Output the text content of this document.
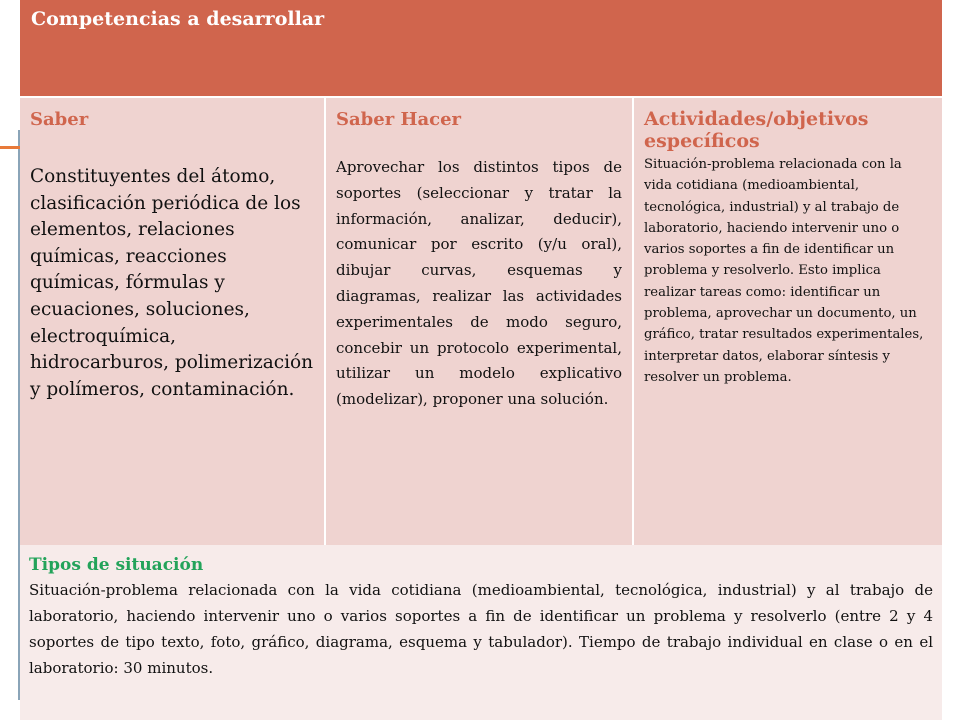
Competencias a desarrollar
Saber
Constituyentes del átomo, clasificación periódica de los elementos, relaciones químicas, reacciones químicas, fórmulas y ecuaciones, soluciones, electroquímica, hidrocarburos, polimerización y polímeros, contaminación.
Saber Hacer
Aprovechar los distintos tipos de soportes (seleccionar y tratar la información, analizar, deducir), comunicar por escrito (y/u oral), dibujar curvas, esquemas y diagramas, realizar las actividades experimentales de modo seguro, concebir un protocolo experimental, utilizar un modelo explicativo (modelizar), proponer una solución.
Actividades/objetivos específicos
Situación-problema relacionada con la vida cotidiana (medioambiental, tecnológica, industrial) y al trabajo de laboratorio, haciendo intervenir uno o varios soportes a fin de identificar un problema y resolverlo. Esto implica realizar tareas como: identificar un problema, aprovechar un documento, un gráfico, tratar resultados experimentales, interpretar datos, elaborar síntesis y resolver un problema.
Tipos de situación
Situación-problema relacionada con la vida cotidiana (medioambiental, tecnológica, industrial) y al trabajo de laboratorio, haciendo intervenir uno o varios soportes a fin de identificar un problema y resolverlo (entre 2 y 4 soportes de tipo texto, foto, gráfico, diagrama, esquema y tabulador). Tiempo de trabajo individual en clase o en el laboratorio: 30 minutos.
